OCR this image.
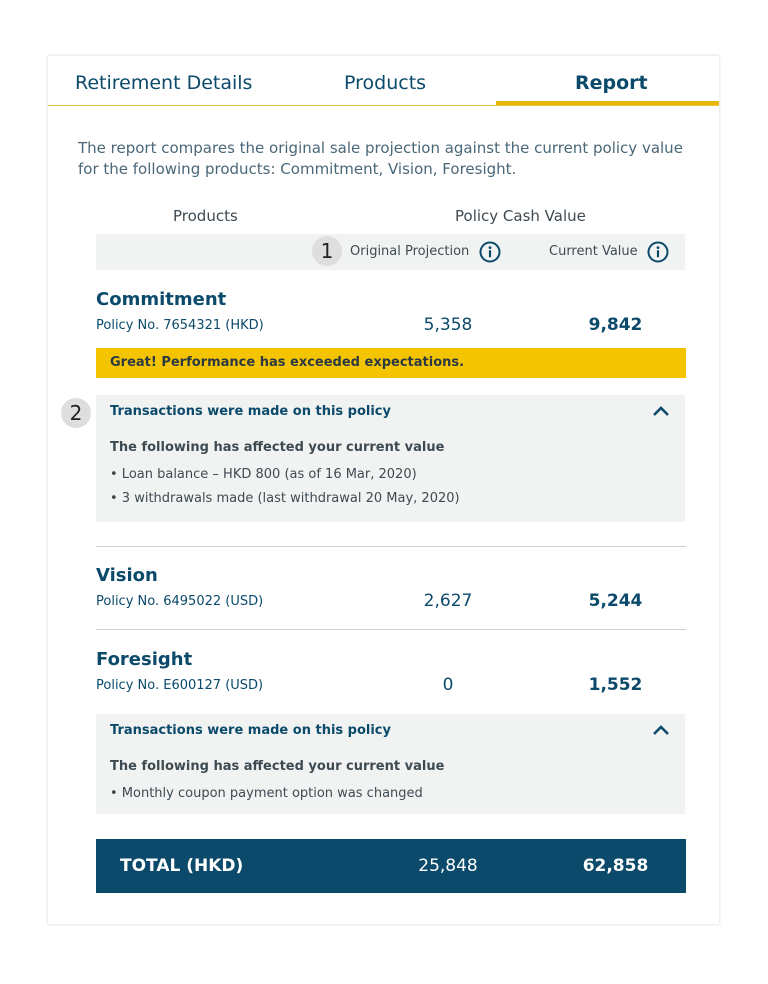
Retirement Details	Products	Report

The report compares the original sale projection against the current policy value for the following products: Commitment, Vision, Foresight.

Products	Policy Cash Value
Original Projection	Current Value
1
Commitment
Policy No. 7654321 (HKD)	5,358	9,842
Great! Performance has exceeded expectations.
2	Transactions were made on this policy
The following has affected your current value
• Loan balance – HKD 800 (as of 16 Mar, 2020)
• 3 withdrawals made (last withdrawal 20 May, 2020)
Vision
Policy No. 6495022 (USD)	2,627	5,244
Foresight
Policy No. E600127 (USD)	0	1,552
Transactions were made on this policy
The following has affected your current value
• Monthly coupon payment option was changed
TOTAL (HKD)	25,848	62,858
